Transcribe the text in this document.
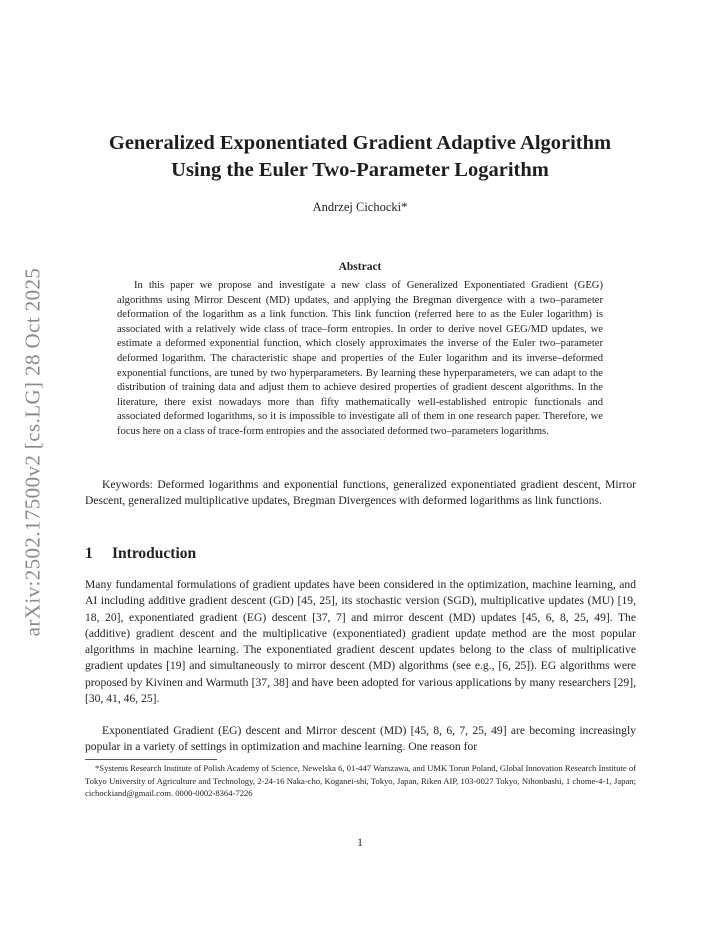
arXiv:2502.17500v2 [cs.LG] 28 Oct 2025
Generalized Exponentiated Gradient Adaptive Algorithm
Using the Euler Two-Parameter Logarithm
Andrzej Cichocki*
Abstract

In this paper we propose and investigate a new class of Generalized Exponentiated Gradient (GEG) algorithms using Mirror Descent (MD) updates, and applying the Bregman divergence with a two–parameter deformation of the logarithm as a link function. This link function (referred here to as the Euler logarithm) is associated with a relatively wide class of trace–form entropies. In order to derive novel GEG/MD updates, we estimate a deformed exponential function, which closely approximates the inverse of the Euler two–parameter deformed logarithm. The characteristic shape and properties of the Euler logarithm and its inverse–deformed exponential functions, are tuned by two hyperparameters. By learning these hyperparameters, we can adapt to the distribution of training data and adjust them to achieve desired properties of gradient descent algorithms. In the literature, there exist nowadays more than fifty mathematically well-established entropic functionals and associated deformed logarithms, so it is impossible to investigate all of them in one research paper. Therefore, we focus here on a class of trace-form entropies and the associated deformed two–parameters logarithms.

Keywords: Deformed logarithms and exponential functions, generalized exponentiated gradient descent, Mirror Descent, generalized multiplicative updates, Bregman Divergences with deformed logarithms as link functions.

1 Introduction

Many fundamental formulations of gradient updates have been considered in the optimization, machine learning, and AI including additive gradient descent (GD) [45, 25], its stochastic version (SGD), multiplicative updates (MU) [19, 18, 20], exponentiated gradient (EG) descent [37, 7] and mirror descent (MD) updates [45, 6, 8, 25, 49]. The (additive) gradient descent and the multiplicative (exponentiated) gradient update method are the most popular algorithms in machine learning. The exponentiated gradient descent updates belong to the class of multiplicative gradient updates [19] and simultaneously to mirror descent (MD) algorithms (see e.g., [6, 25]). EG algorithms were proposed by Kivinen and Warmuth [37, 38] and have been adopted for various applications by many researchers [29], [30, 41, 46, 25].

Exponentiated Gradient (EG) descent and Mirror descent (MD) [45, 8, 6, 7, 25, 49] are becoming increasingly popular in a variety of settings in optimization and machine learning. One reason for

*Systems Research Institute of Polish Academy of Science, Newelska 6, 01-447 Warszawa, and UMK Torun Poland, Global Innovation Research Institute of Tokyo University of Agriculture and Technology, 2-24-16 Naka-cho, Koganei-shi, Tokyo, Japan, Riken AIP, 103-0027 Tokyo, Nihonbashi, 1 chome-4-1, Japan; cichockiand@gmail.com. 0000-0002-8364-7226

1
